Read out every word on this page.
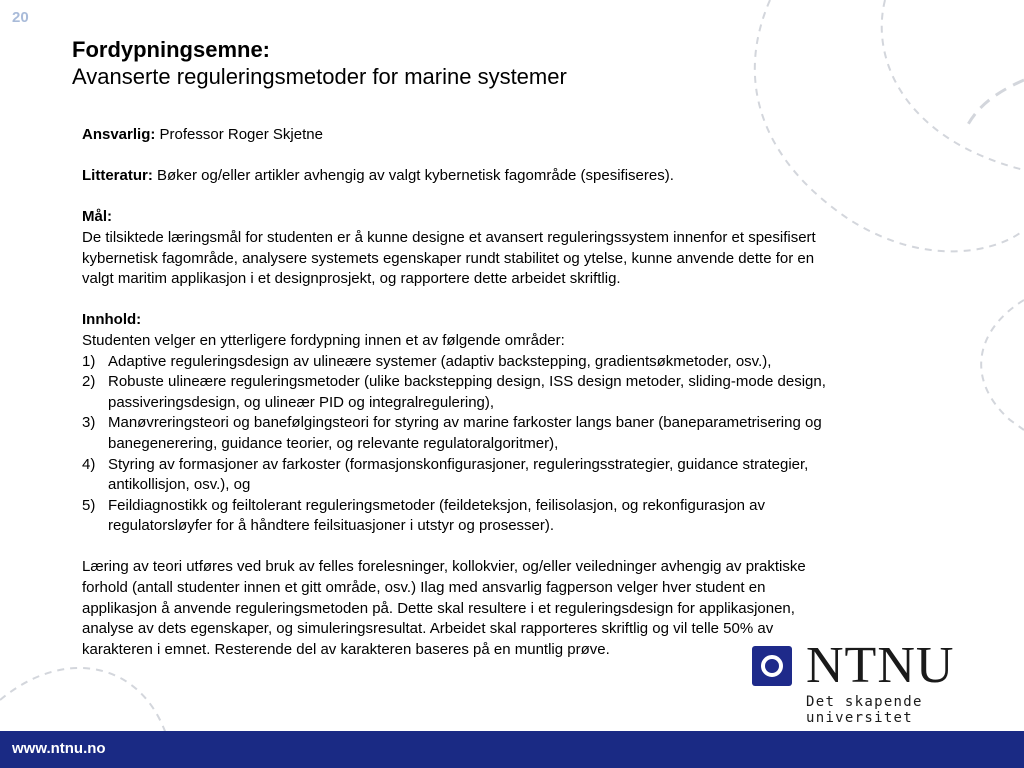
20
Fordypningsemne:
Avanserte reguleringsmetoder for marine systemer

Ansvarlig: Professor Roger Skjetne

Litteratur: Bøker og/eller artikler avhengig av valgt kybernetisk fagområde (spesifiseres).

Mål:

De tilsiktede læringsmål for studenten er å kunne designe et avansert reguleringssystem innenfor et spesifisert

kybernetisk fagområde, analysere systemets egenskaper rundt stabilitet og ytelse, kunne anvende dette for en

valgt maritim applikasjon i et designprosjekt, og rapportere dette arbeidet skriftlig.

Innhold:

Studenten velger en ytterligere fordypning innen et av følgende områder:

1) Adaptive reguleringsdesign av ulineære systemer (adaptiv backstepping, gradientsøkmetoder, osv.),
2) Robuste ulineære reguleringsmetoder (ulike backstepping design, ISS design metoder, sliding-mode design,
passiveringsdesign, og ulineær PID og integralregulering),
3) Manøvreringsteori og banefølgingsteori for styring av marine farkoster langs baner (baneparametrisering og
banegenerering, guidance teorier, og relevante regulatoralgoritmer),
4) Styring av formasjoner av farkoster (formasjonskonfigurasjoner, reguleringsstrategier, guidance strategier,
antikollisjon, osv.), og
5) Feildiagnostikk og feiltolerant reguleringsmetoder (feildeteksjon, feilisolasjon, og rekonfigurasjon av
regulatorsløyfer for å håndtere feilsituasjoner i utstyr og prosesser).

Læring av teori utføres ved bruk av felles forelesninger, kollokvier, og/eller veiledninger avhengig av praktiske

forhold (antall studenter innen et gitt område, osv.) Ilag med ansvarlig fagperson velger hver student en

applikasjon å anvende reguleringsmetoden på. Dette skal resultere i et reguleringsdesign for applikasjonen,

analyse av dets egenskaper, og simuleringsresultat. Arbeidet skal rapporteres skriftlig og vil telle 50% av

karakteren i emnet. Resterende del av karakteren baseres på en muntlig prøve.	NTNU
Det skapende universitet
www.ntnu.no
